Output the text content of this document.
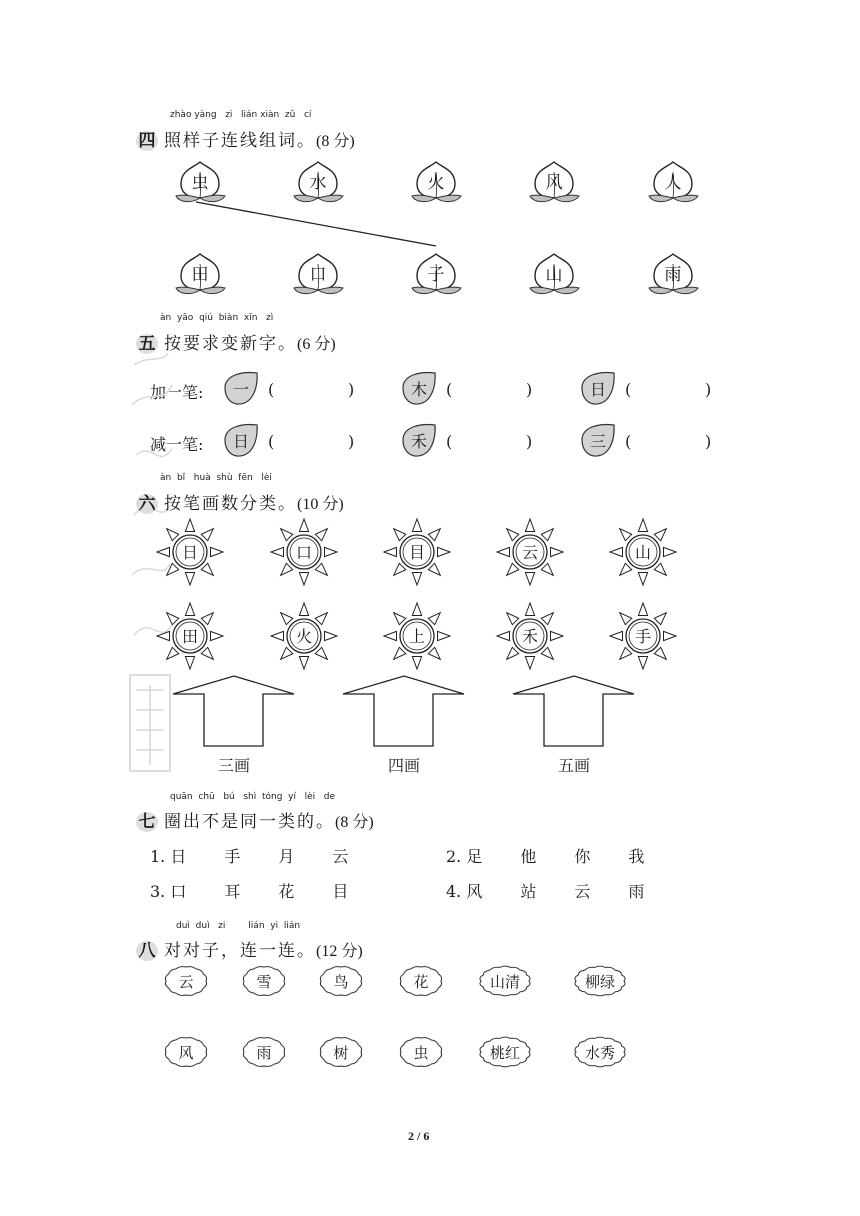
zhào yàng zi lián xiàn zǔ cí
四 照样子连线组词。(8 分)
虫	水	火	风	人
田	口	子	山	雨
àn yāo qiú biàn xīn zì
五 按要求变新字。(6 分)
加一笔:	一	(	)	木	(	)	日	(	)
减一笔:	日	(	)	禾	(	)	三	(	)
àn bǐ huà shù fēn lèi
六 按笔画数分类。(10 分)
日	口	目	云	山
田	火	上	禾	手
三画	四画	五画
quān chū bú shì tóng yí lèi de
七 圈出不是同一类的。(8 分)
1. 日 手 月 云	2. 足 他 你 我
3. 口 耳 花 目	4. 风 站 云 雨
duì duì zi	lián yi lián
八 对对子，连一连。(12 分)
云	雪	鸟	花	山清	柳绿
风	雨	树	虫	桃红	水秀
2 / 6
